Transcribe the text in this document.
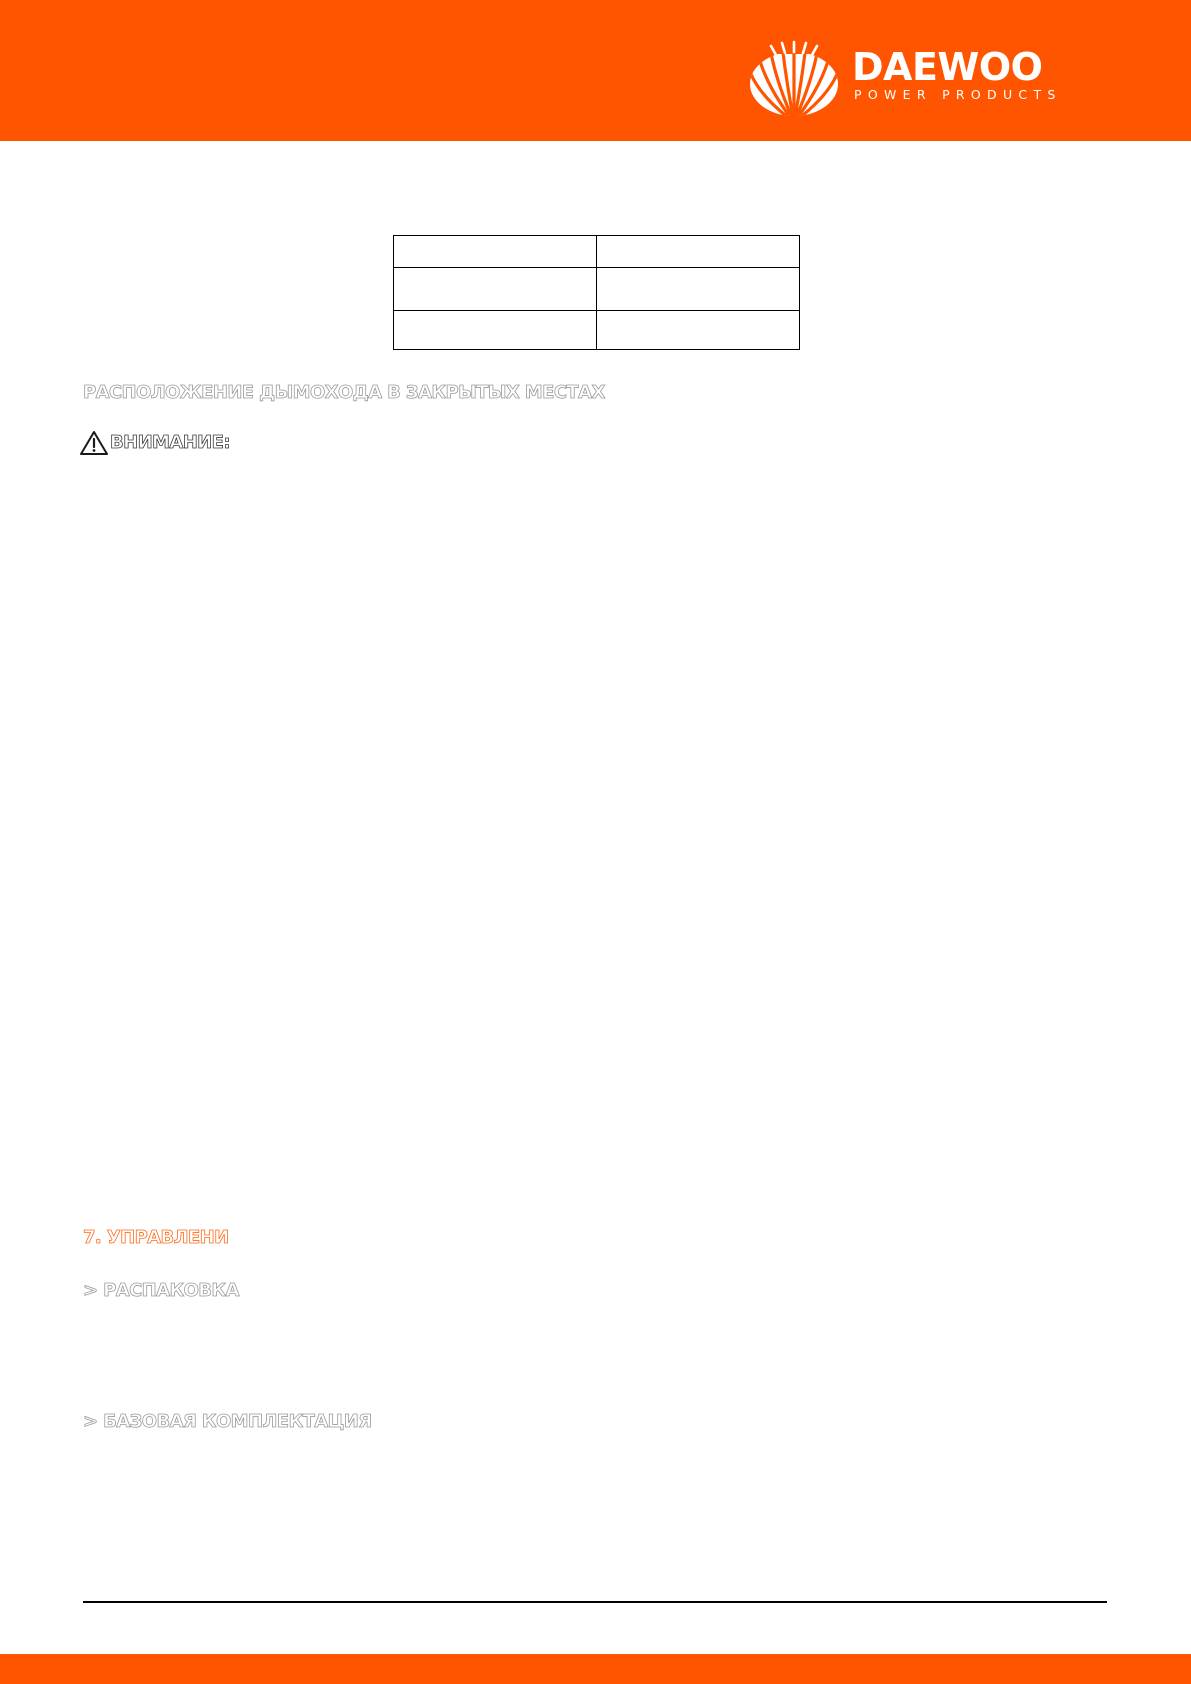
DAEWOO
POWER PRODUCTS

РАСПОЛОЖЕНИЕ ДЫМОХОДА В ЗАКРЫТЫХ МЕСТАХ
ВНИМАНИЕ:
7. УПРАВЛЕНИ
> РАСПАКОВКА
> БАЗОВАЯ КОМПЛЕКТАЦИЯ
